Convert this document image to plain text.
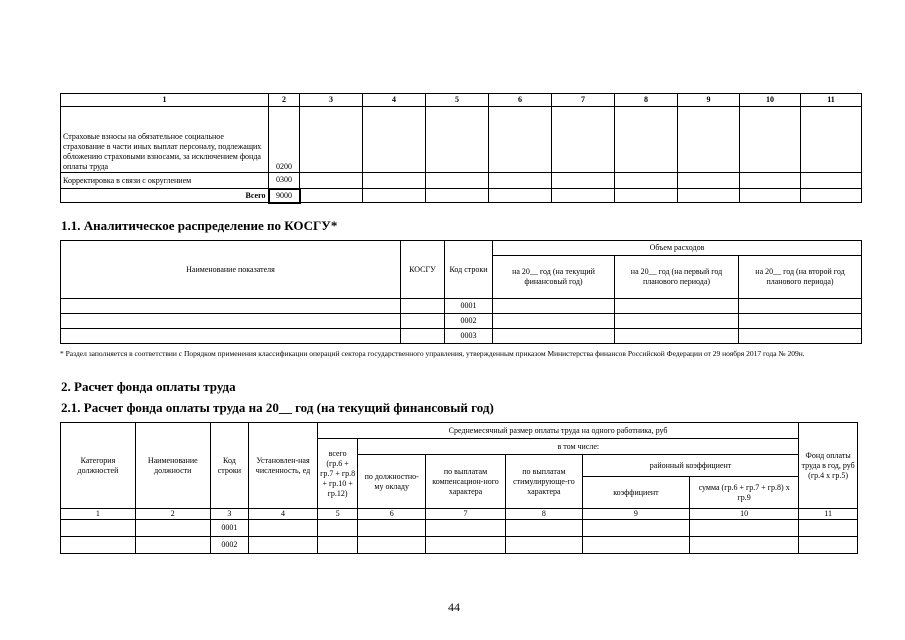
1	2	3	4	5	6	7	8	9	10	11
Страховые взносы на обязательное социальное страхование в части иных выплат персоналу, подлежащих обложению страховыми взносами, за исключением фонда оплаты труда	0200									
Корректировка в связи с округлением	0300									
Всего	9000									
1.1. Аналитическое распределение по КОСГУ*
Наименование показателя	КОСГУ	Код строки	Объем расходов		
			на 20__ год (на текущий финансовый год)	на 20__ год (на первый год планового периода)	на 20__ год (на второй год планового периода)
		0001			
		0002			
		0003			
* Раздел заполняется в соответствии с Порядком применения классификации операций сектора государственного управления, утвержденным приказом Министерства финансов Российской Федерации от 29 ноября 2017 года № 209н.
2. Расчет фонда оплаты труда
2.1. Расчет фонда оплаты труда на 20__ год (на текущий финансовый год)
Категория должностей	Наименование должности	Код строки	Установлен-ная численность, ед	Среднемесячный размер оплаты труда на одного работника, руб						Фонд оплаты труда в год, руб (гр.4 х гр.5)
				всего (гр.6 + гр.7 + гр.8 + гр.10 + гр.12)	в том числе:					
					по должностно-му окладу	по выплатам компенсацион-ного характера	по выплатам стимулирующе-го характера	районный коэффициент		
								коэффициент	сумма (гр.6 + гр.7 + гр.8) х гр.9	
1	2	3	4	5	6	7	8	9	10	11
		0001								
		0002								
44
